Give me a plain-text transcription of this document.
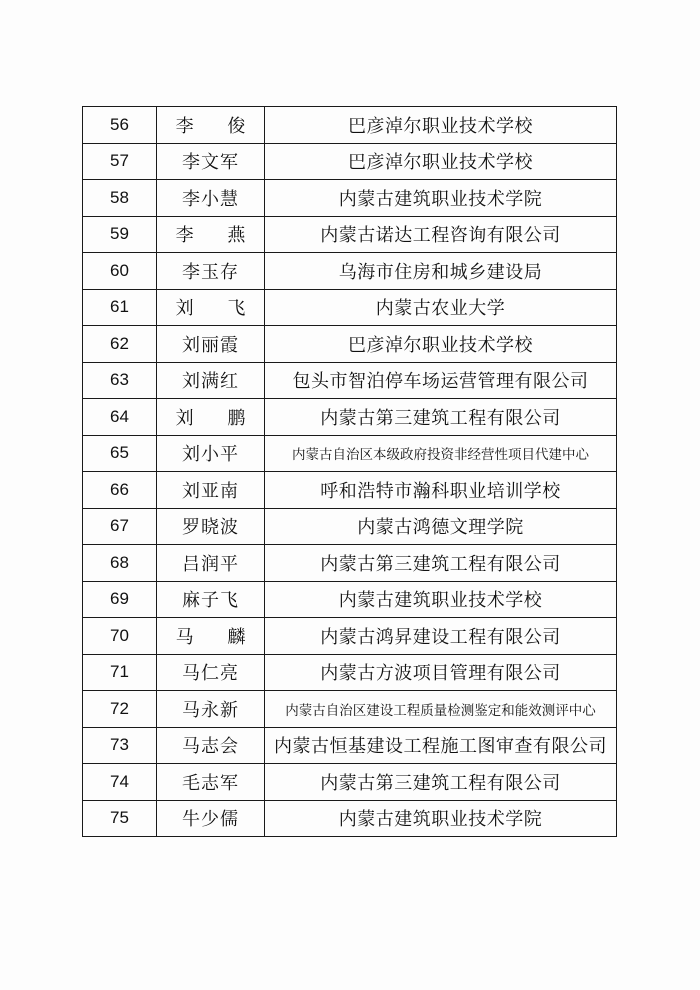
56	李 俊	巴彦淖尔职业技术学校
57	李文军	巴彦淖尔职业技术学校
58	李小慧	内蒙古建筑职业技术学院
59	李 燕	内蒙古诺达工程咨询有限公司
60	李玉存	乌海市住房和城乡建设局
61	刘 飞	内蒙古农业大学
62	刘丽霞	巴彦淖尔职业技术学校
63	刘满红	包头市智泊停车场运营管理有限公司
64	刘 鹏	内蒙古第三建筑工程有限公司
65	刘小平	内蒙古自治区本级政府投资非经营性项目代建中心
66	刘亚南	呼和浩特市瀚科职业培训学校
67	罗晓波	内蒙古鸿德文理学院
68	吕润平	内蒙古第三建筑工程有限公司
69	麻子飞	内蒙古建筑职业技术学校
70	马 麟	内蒙古鸿昇建设工程有限公司
71	马仁亮	内蒙古方波项目管理有限公司
72	马永新	内蒙古自治区建设工程质量检测鉴定和能效测评中心
73	马志会	内蒙古恒基建设工程施工图审查有限公司
74	毛志军	内蒙古第三建筑工程有限公司
75	牛少儒	内蒙古建筑职业技术学院
